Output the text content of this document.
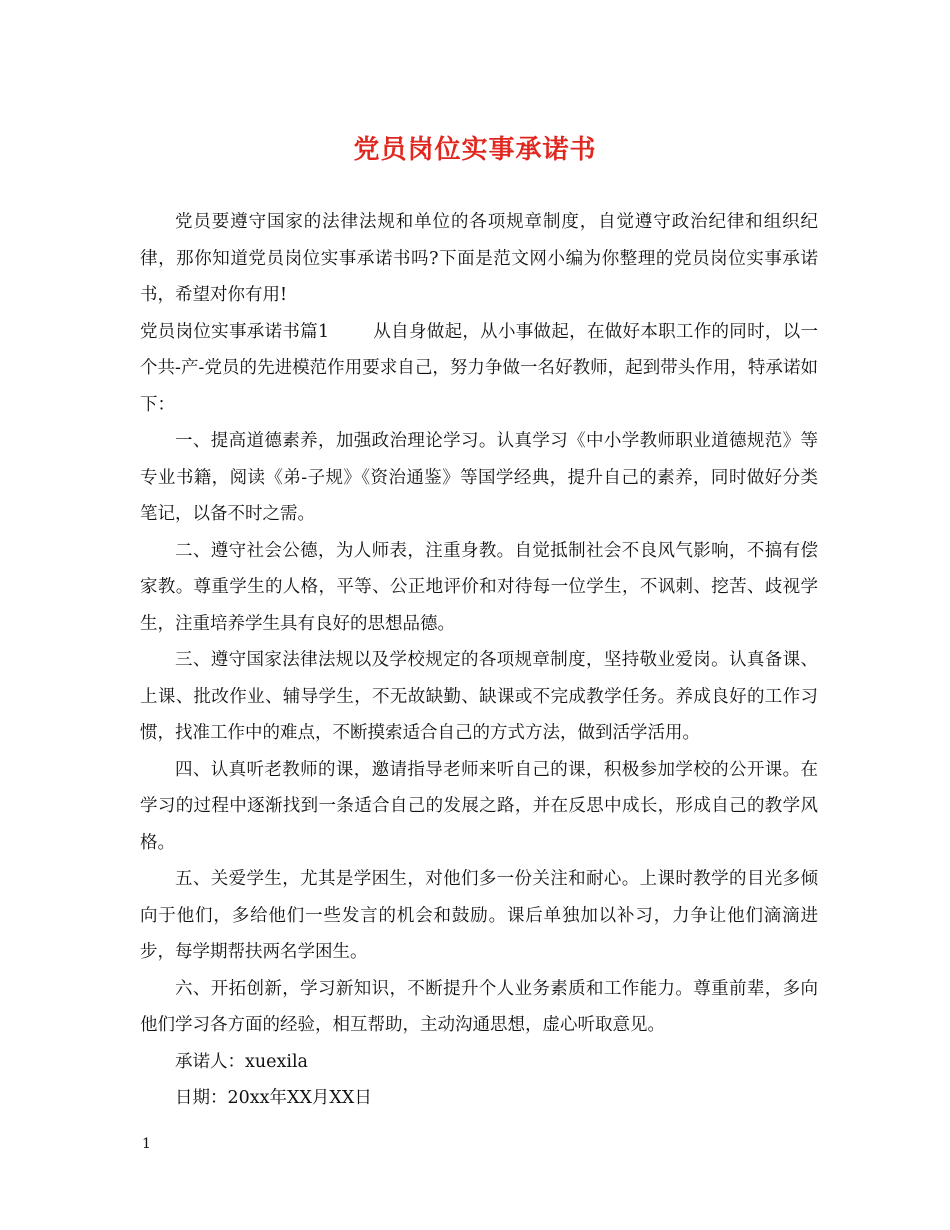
党员岗位实事承诺书

党员要遵守国家的法律法规和单位的各项规章制度，自觉遵守政治纪律和组织纪律，那你知道党员岗位实事承诺书吗?下面是范文网小编为你整理的党员岗位实事承诺书，希望对你有用!

党员岗位实事承诺书篇1	从自身做起，从小事做起，在做好本职工作的同时，以一个共-产-党员的先进模范作用要求自己，努力争做一名好教师，起到带头作用，特承诺如下：

一、提高道德素养，加强政治理论学习。认真学习《中小学教师职业道德规范》等专业书籍，阅读《弟-子规》《资治通鉴》等国学经典，提升自己的素养，同时做好分类笔记，以备不时之需。

二、遵守社会公德，为人师表，注重身教。自觉抵制社会不良风气影响，不搞有偿家教。尊重学生的人格，平等、公正地评价和对待每一位学生，不讽刺、挖苦、歧视学生，注重培养学生具有良好的思想品德。

三、遵守国家法律法规以及学校规定的各项规章制度，坚持敬业爱岗。认真备课、上课、批改作业、辅导学生，不无故缺勤、缺课或不完成教学任务。养成良好的工作习惯，找准工作中的难点，不断摸索适合自己的方式方法，做到活学活用。

四、认真听老教师的课，邀请指导老师来听自己的课，积极参加学校的公开课。在学习的过程中逐渐找到一条适合自己的发展之路，并在反思中成长，形成自己的教学风格。

五、关爱学生，尤其是学困生，对他们多一份关注和耐心。上课时教学的目光多倾向于他们，多给他们一些发言的机会和鼓励。课后单独加以补习，力争让他们滴滴进步，每学期帮扶两名学困生。

六、开拓创新，学习新知识，不断提升个人业务素质和工作能力。尊重前辈，多向他们学习各方面的经验，相互帮助，主动沟通思想，虚心听取意见。

承诺人：xuexila

日期：20xx年XX月XX日

1
